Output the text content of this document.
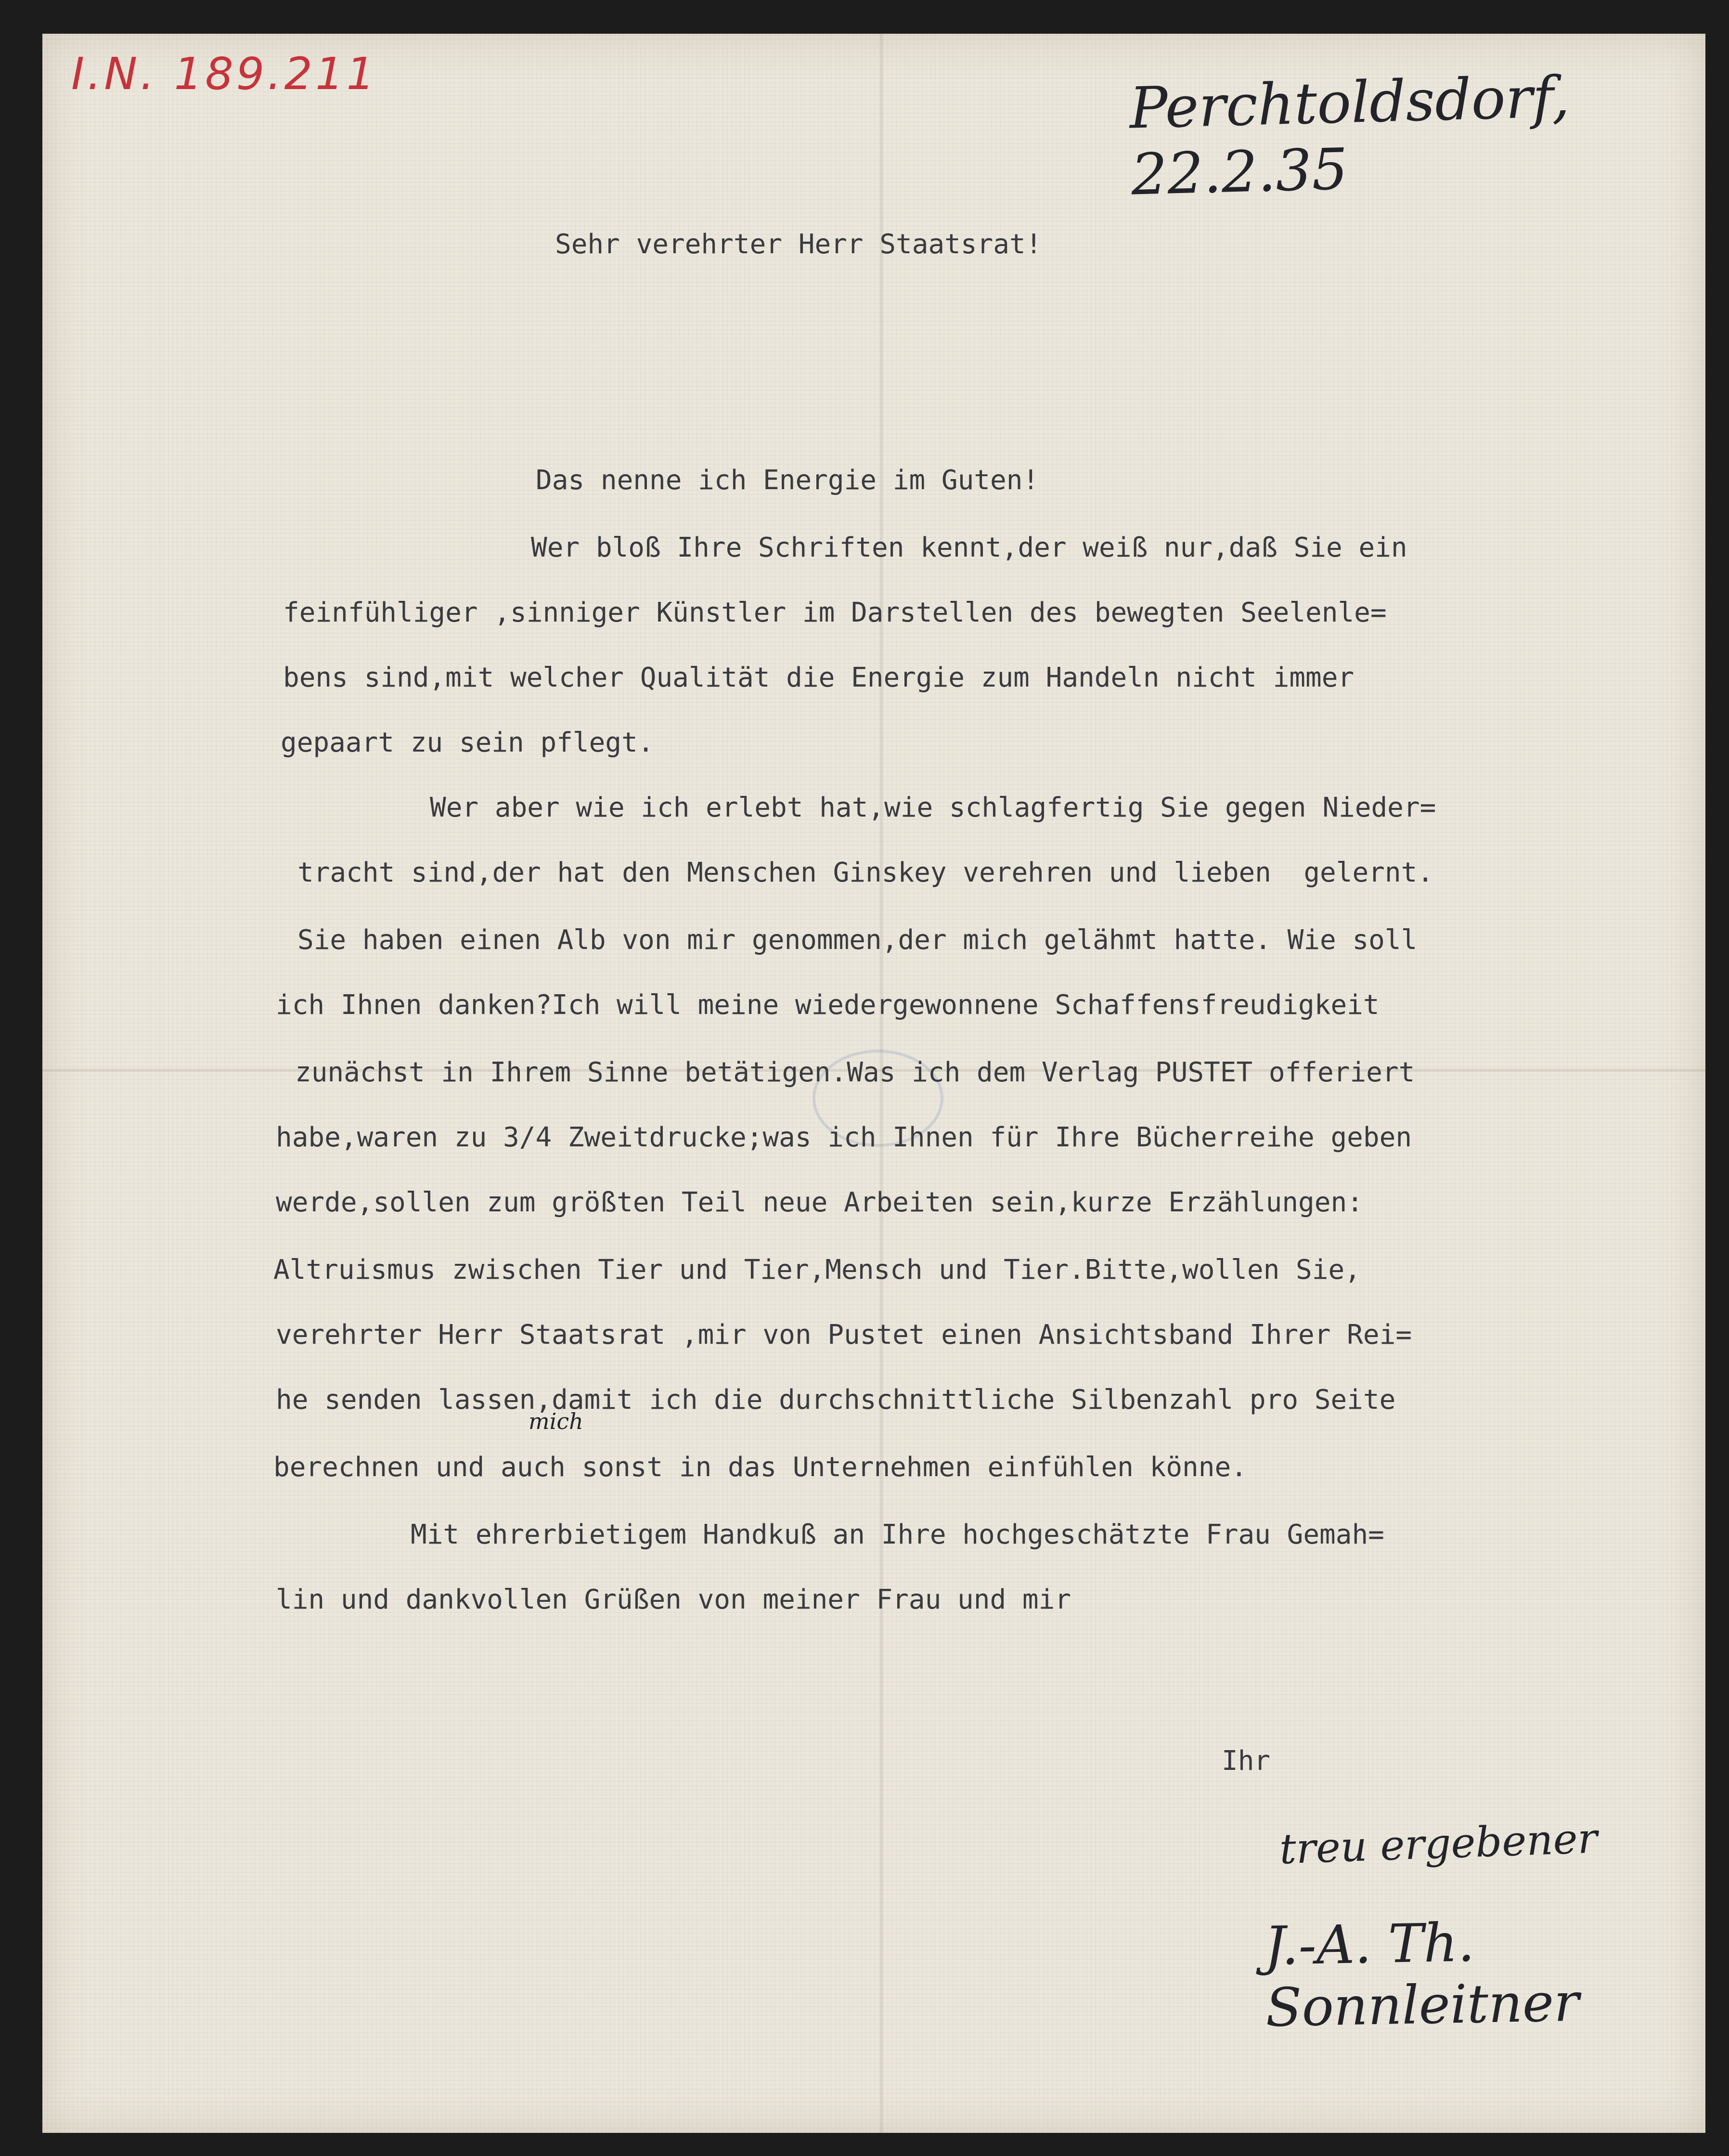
I.N. 189.211	Perchtoldsdorf, 22.2.35
Sehr verehrter Herr Staatsrat!
Das nenne ich Energie im Guten!
Wer bloß Ihre Schriften kennt,der weiß nur,daß Sie ein
feinfühliger ,sinniger Künstler im Darstellen des bewegten Seelenle=
bens sind,mit welcher Qualität die Energie zum Handeln nicht immer
gepaart zu sein pflegt.
Wer aber wie ich erlebt hat,wie schlagfertig Sie gegen Nieder=
tracht sind,der hat den Menschen Ginskey verehren und lieben  gelernt.
Sie haben einen Alb von mir genommen,der mich gelähmt hatte. Wie soll
ich Ihnen danken?Ich will meine wiedergewonnene Schaffensfreudigkeit
zunächst in Ihrem Sinne betätigen.Was ich dem Verlag PUSTET offeriert
habe,waren zu 3/4 Zweitdrucke;was ich Ihnen für Ihre Bücherreihe geben
werde,sollen zum größten Teil neue Arbeiten sein,kurze Erzählungen:
Altruismus zwischen Tier und Tier,Mensch und Tier.Bitte,wollen Sie,
verehrter Herr Staatsrat ,mir von Pustet einen Ansichtsband Ihrer Rei=
he senden lassen,damit ich die durchschnittliche Silbenzahl pro Seite
berechnen und auch sonst in das Unternehmen einfühlen könne.
Mit ehrerbietigem Handkuß an Ihre hochgeschätzte Frau Gemah=
lin und dankvollen Grüßen von meiner Frau und mir
Ihr
mich
treu ergebener
J.-A. Th. Sonnleitner
